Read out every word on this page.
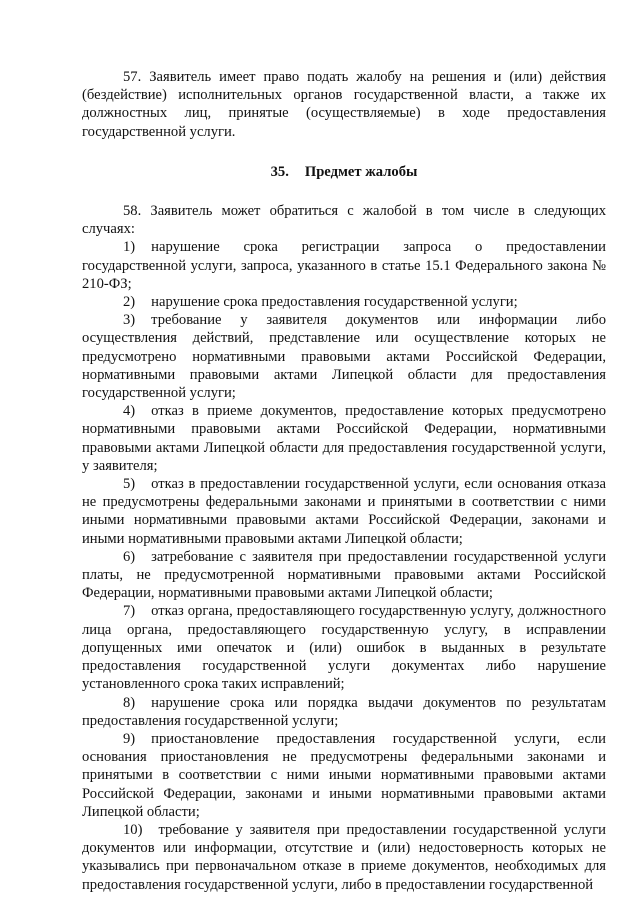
57. Заявитель имеет право подать жалобу на решения и (или) действия (бездействие) исполнительных органов государственной власти, а также их должностных лиц, принятые (осуществляемые) в ходе предоставления государственной услуги.

35. Предмет жалобы

58. Заявитель может обратиться с жалобой в том числе в следующих случаях:

1) нарушение срока регистрации запроса о предоставлении государственной услуги, запроса, указанного в статье 15.1 Федерального закона № 210-ФЗ;

2) нарушение срока предоставления государственной услуги;

3) требование у заявителя документов или информации либо осуществления действий, представление или осуществление которых не предусмотрено нормативными правовыми актами Российской Федерации, нормативными правовыми актами Липецкой области для предоставления государственной услуги;

4) отказ в приеме документов, предоставление которых предусмотрено нормативными правовыми актами Российской Федерации, нормативными правовыми актами Липецкой области для предоставления государственной услуги, у заявителя;

5) отказ в предоставлении государственной услуги, если основания отказа не предусмотрены федеральными законами и принятыми в соответствии с ними иными нормативными правовыми актами Российской Федерации, законами и иными нормативными правовыми актами Липецкой области;

6) затребование с заявителя при предоставлении государственной услуги платы, не предусмотренной нормативными правовыми актами Российской Федерации, нормативными правовыми актами Липецкой области;

7) отказ органа, предоставляющего государственную услугу, должностного лица органа, предоставляющего государственную услугу, в исправлении допущенных ими опечаток и (или) ошибок в выданных в результате предоставления государственной услуги документах либо нарушение установленного срока таких исправлений;

8) нарушение срока или порядка выдачи документов по результатам предоставления государственной услуги;

9) приостановление предоставления государственной услуги, если основания приостановления не предусмотрены федеральными законами и принятыми в соответствии с ними иными нормативными правовыми актами Российской Федерации, законами и иными нормативными правовыми актами Липецкой области;

10) требование у заявителя при предоставлении государственной услуги документов или информации, отсутствие и (или) недостоверность которых не указывались при первоначальном отказе в приеме документов, необходимых для предоставления государственной услуги, либо в предоставлении государственной
